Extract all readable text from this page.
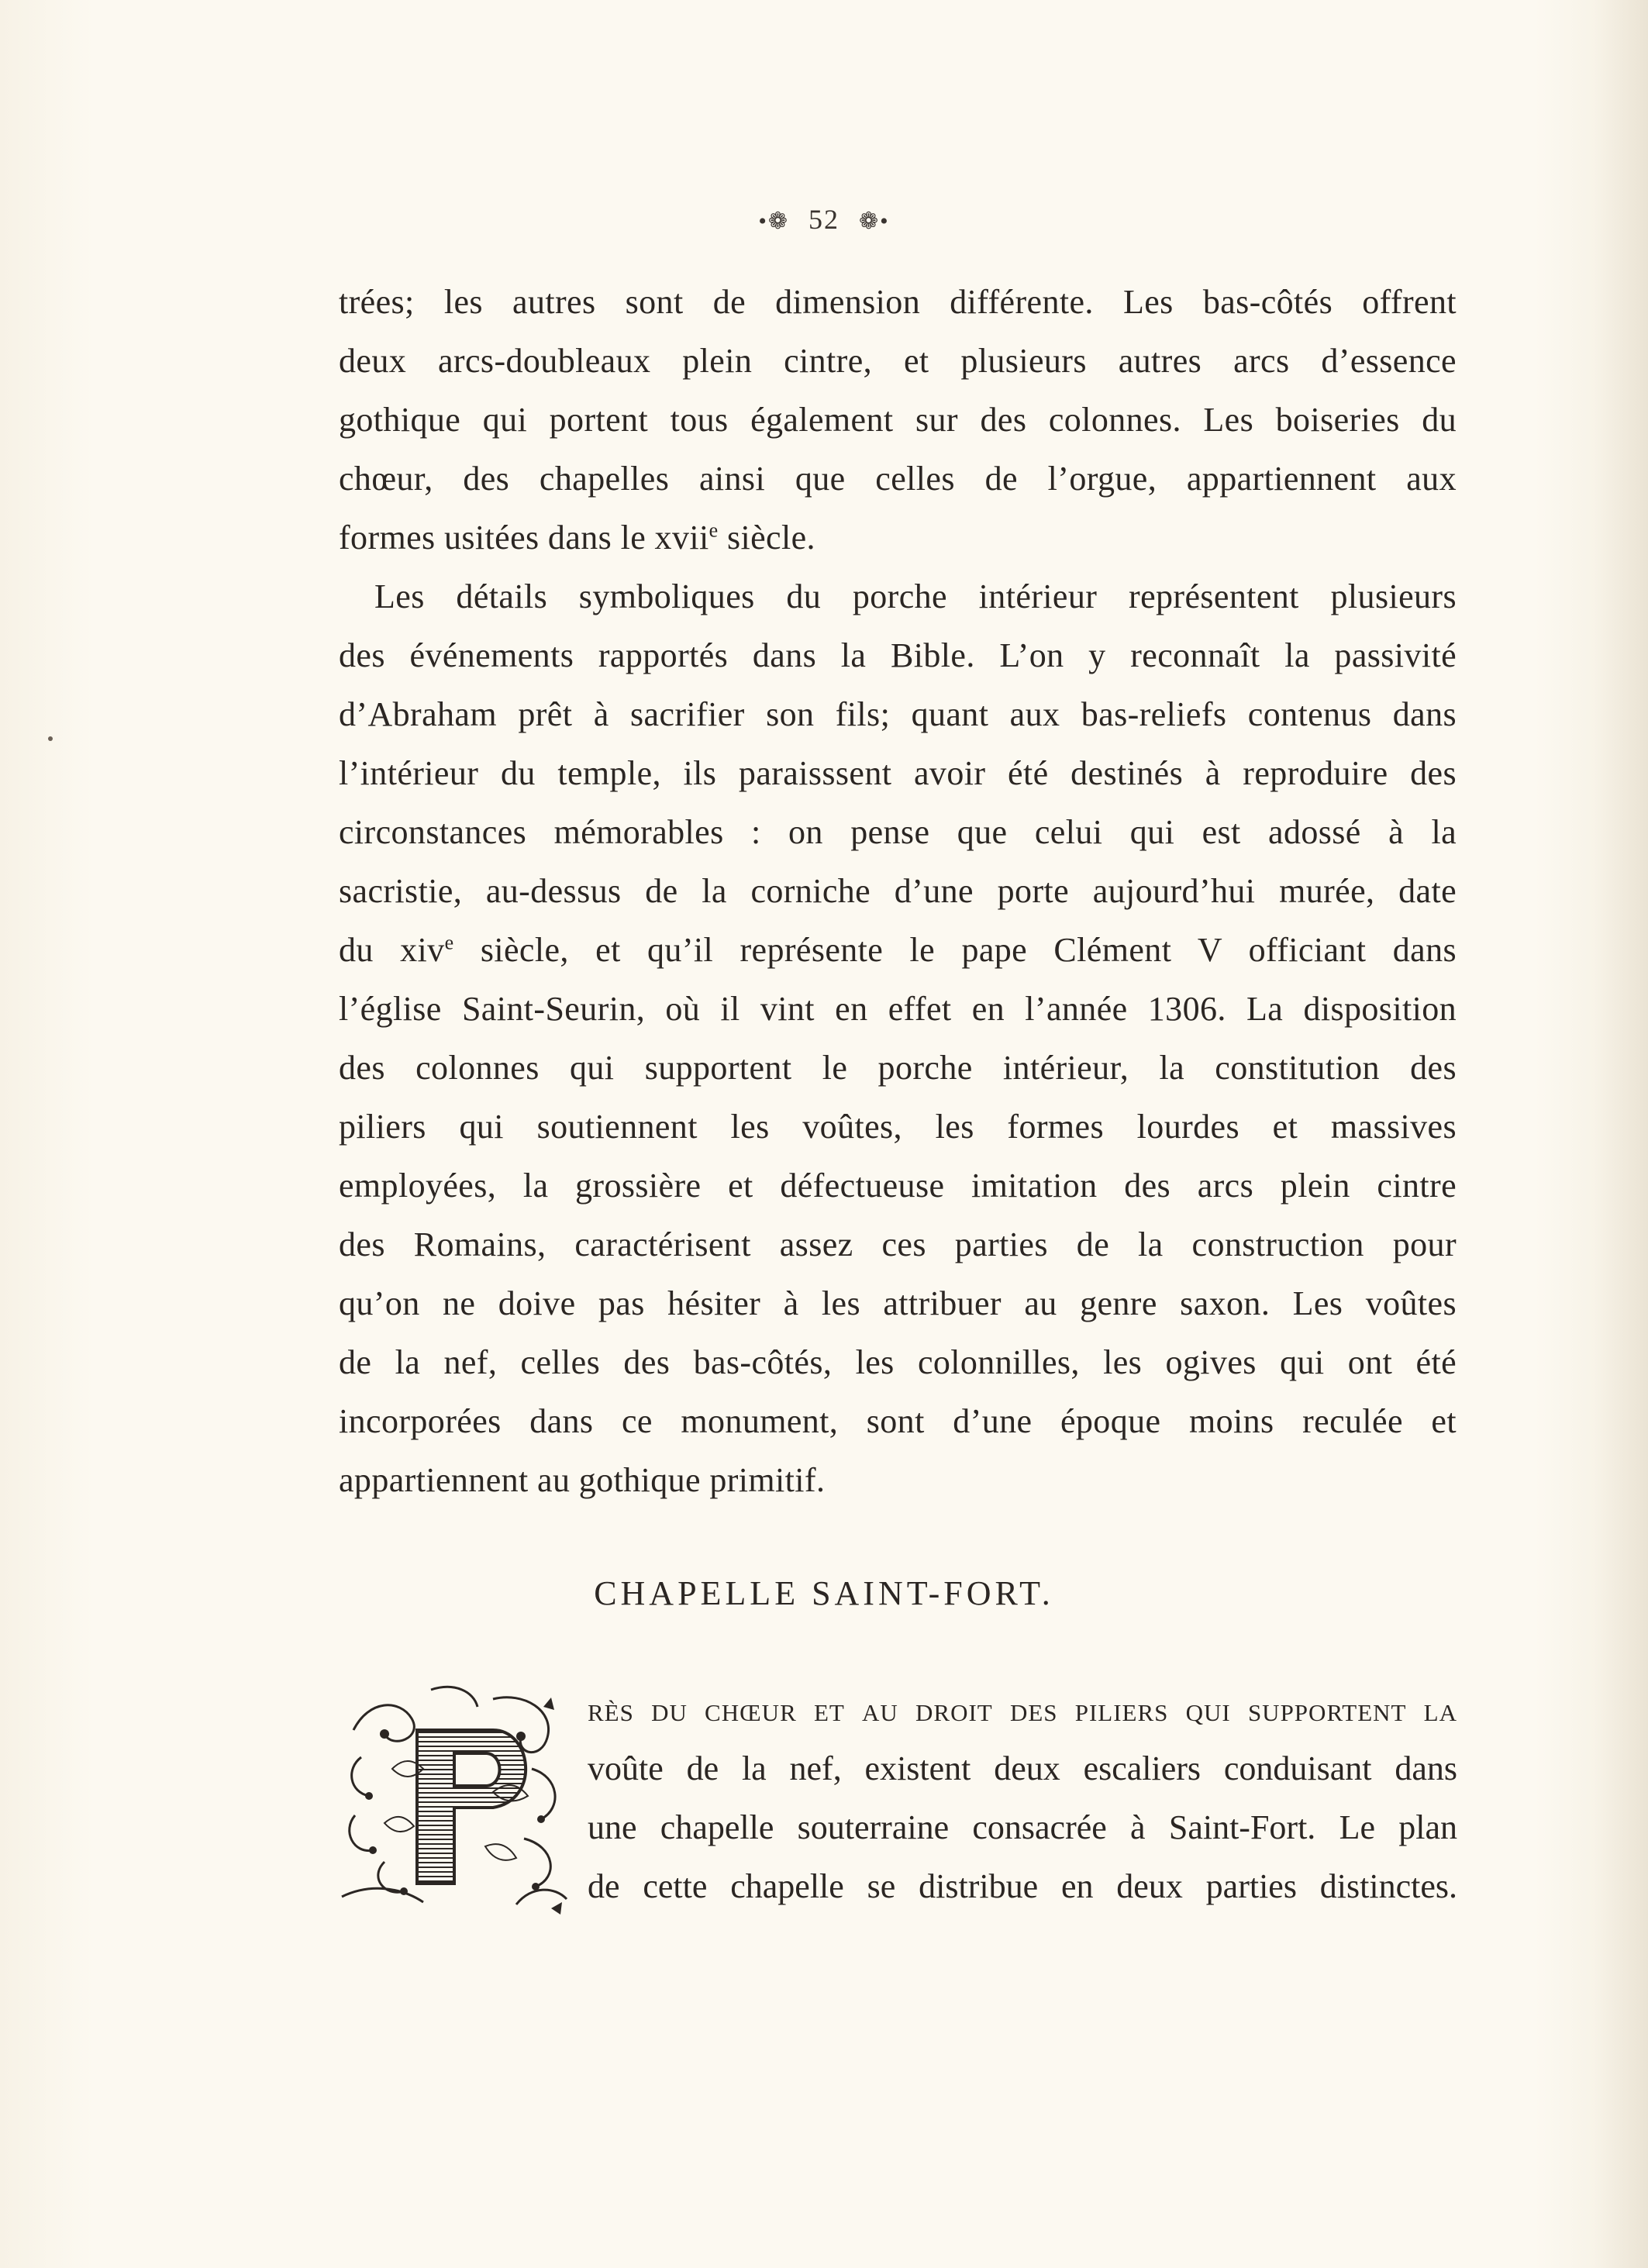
•❁ 52 ❁•
trées; les autres sont de dimension différente. Les bas-côtés offrent
deux arcs-doubleaux plein cintre, et plusieurs autres arcs d’essence
gothique qui portent tous également sur des colonnes. Les boiseries du
chœur, des chapelles ainsi que celles de l’orgue, appartiennent aux
formes usitées dans le xvii$^e$ siècle.
Les détails symboliques du porche intérieur représentent plusieurs
des événements rapportés dans la Bible. L’on y reconnaît la passivité
d’Abraham prêt à sacrifier son fils; quant aux bas-reliefs contenus dans
l’intérieur du temple, ils paraisssent avoir été destinés à reproduire des
circonstances mémorables : on pense que celui qui est adossé à la
sacristie, au-dessus de la corniche d’une porte aujourd’hui murée, date
du xiv$^e$ siècle, et qu’il représente le pape Clément V officiant dans
l’église Saint-Seurin, où il vint en effet en l’année 1306. La disposition
des colonnes qui supportent le porche intérieur, la constitution des
piliers qui soutiennent les voûtes, les formes lourdes et massives
employées, la grossière et défectueuse imitation des arcs plein cintre
des Romains, caractérisent assez ces parties de la construction pour
qu’on ne doive pas hésiter à les attribuer au genre saxon. Les voûtes
de la nef, celles des bas-côtés, les colonnilles, les ogives qui ont été
incorporées dans ce monument, sont d’une époque moins reculée et
appartiennent au gothique primitif.
CHAPELLE SAINT-FORT.
rès du chœur et au droit des piliers qui supportent la
voûte de la nef, existent deux escaliers conduisant dans
une chapelle souterraine consacrée à Saint-Fort. Le plan
de cette chapelle se distribue en deux parties distinctes.
